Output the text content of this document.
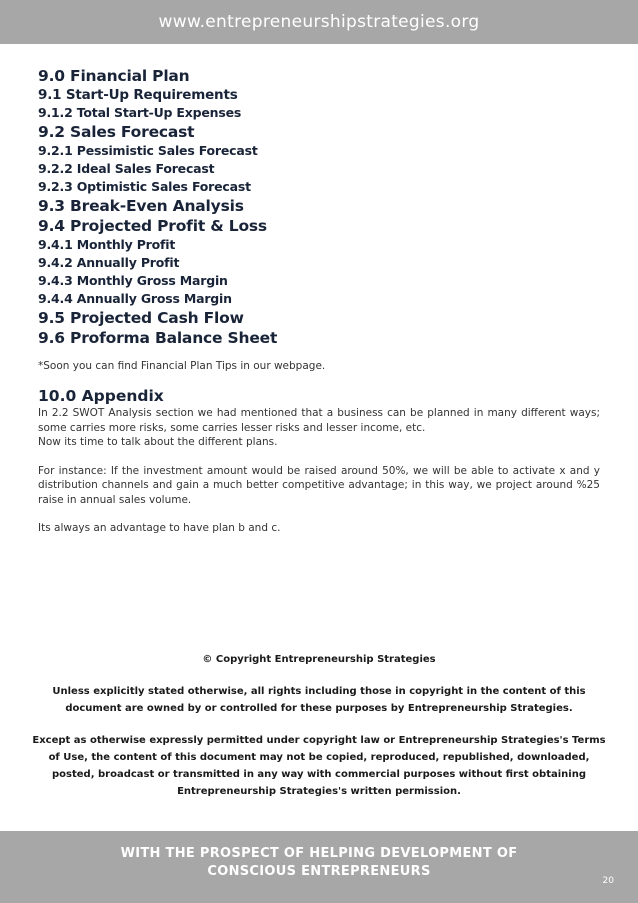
www.entrepreneurshipstrategies.org
9.0 Financial Plan
9.1 Start-Up Requirements
9.1.2 Total Start-Up Expenses
9.2 Sales Forecast
9.2.1 Pessimistic Sales Forecast
9.2.2 Ideal Sales Forecast
9.2.3 Optimistic Sales Forecast
9.3 Break-Even Analysis
9.4 Projected Profit & Loss
9.4.1 Monthly Profit
9.4.2 Annually Profit
9.4.3 Monthly Gross Margin
9.4.4 Annually Gross Margin
9.5 Projected Cash Flow
9.6 Proforma Balance Sheet
*Soon you can find Financial Plan Tips in our webpage.
10.0 Appendix

In 2.2 SWOT Analysis section we had mentioned that a business can be planned in many different ways; some carries more risks, some carries lesser risks and lesser income, etc.

Now its time to talk about the different plans.

For instance: If the investment amount would be raised around 50%, we will be able to activate x and y distribution channels and gain a much better competitive advantage; in this way, we project around %25 raise in annual sales volume.

Its always an advantage to have plan b and c.

© Copyright Entrepreneurship Strategies

Unless explicitly stated otherwise, all rights including those in copyright in the content of this document are owned by or controlled for these purposes by Entrepreneurship Strategies.

Except as otherwise expressly permitted under copyright law or Entrepreneurship Strategies's Terms of Use, the content of this document may not be copied, reproduced, republished, downloaded, posted, broadcast or transmitted in any way with commercial purposes without first obtaining Entrepreneurship Strategies's written permission.

WITH THE PROSPECT OF HELPING DEVELOPMENT OF
CONSCIOUS ENTREPRENEURS
20
